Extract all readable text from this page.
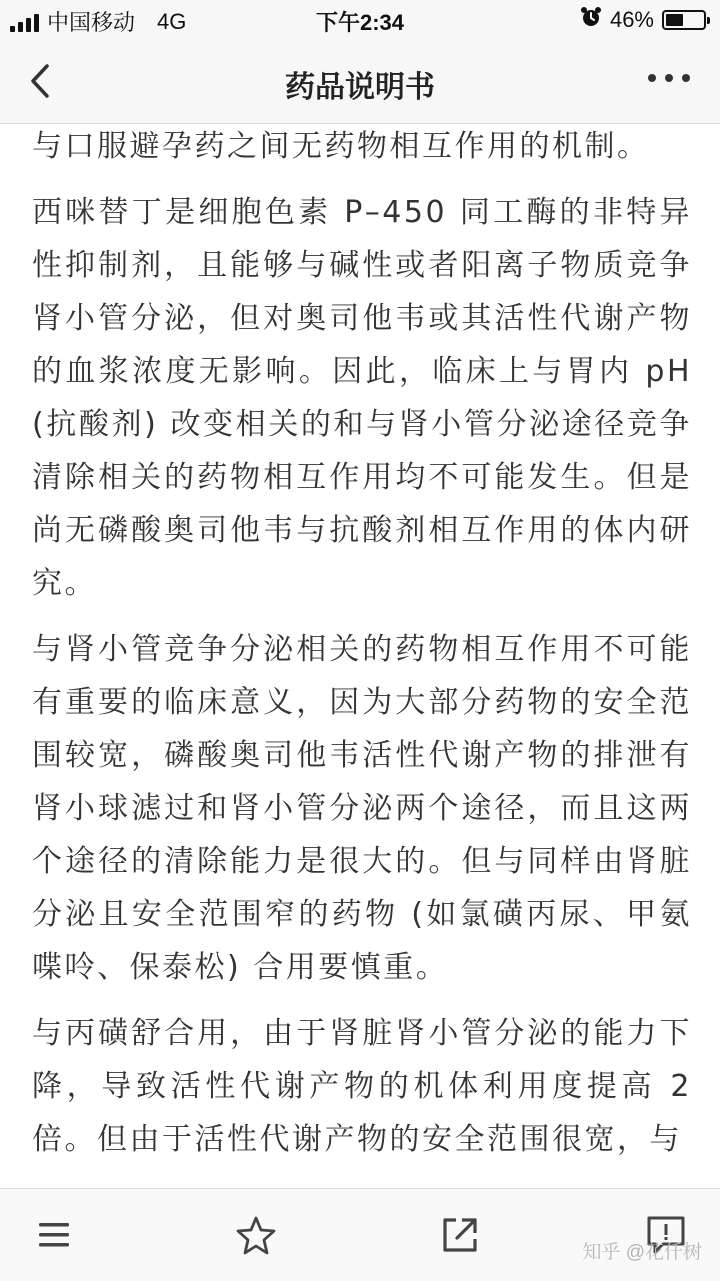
中国移动 4G	下午2:34	46%
药品说明书

与口服避孕药之间无药物相互作用的机制。

西咪替丁是细胞色素 P–450 同工酶的非特异性抑制剂，且能够与碱性或者阳离子物质竞争肾小管分泌，但对奥司他韦或其活性代谢产物的血浆浓度无影响。因此，临床上与胃内 pH (抗酸剂) 改变相关的和与肾小管分泌途径竞争清除相关的药物相互作用均不可能发生。但是尚无磷酸奥司他韦与抗酸剂相互作用的体内研究。

与肾小管竞争分泌相关的药物相互作用不可能有重要的临床意义，因为大部分药物的安全范围较宽，磷酸奥司他韦活性代谢产物的排泄有肾小球滤过和肾小管分泌两个途径，而且这两个途径的清除能力是很大的。但与同样由肾脏分泌且安全范围窄的药物 (如氯磺丙尿、甲氨喋呤、保泰松) 合用要慎重。

与丙磺舒合用，由于肾脏肾小管分泌的能力下降，导致活性代谢产物的机体利用度提高 2 倍。但由于活性代谢产物的安全范围很宽，与

知乎 @花仟树
